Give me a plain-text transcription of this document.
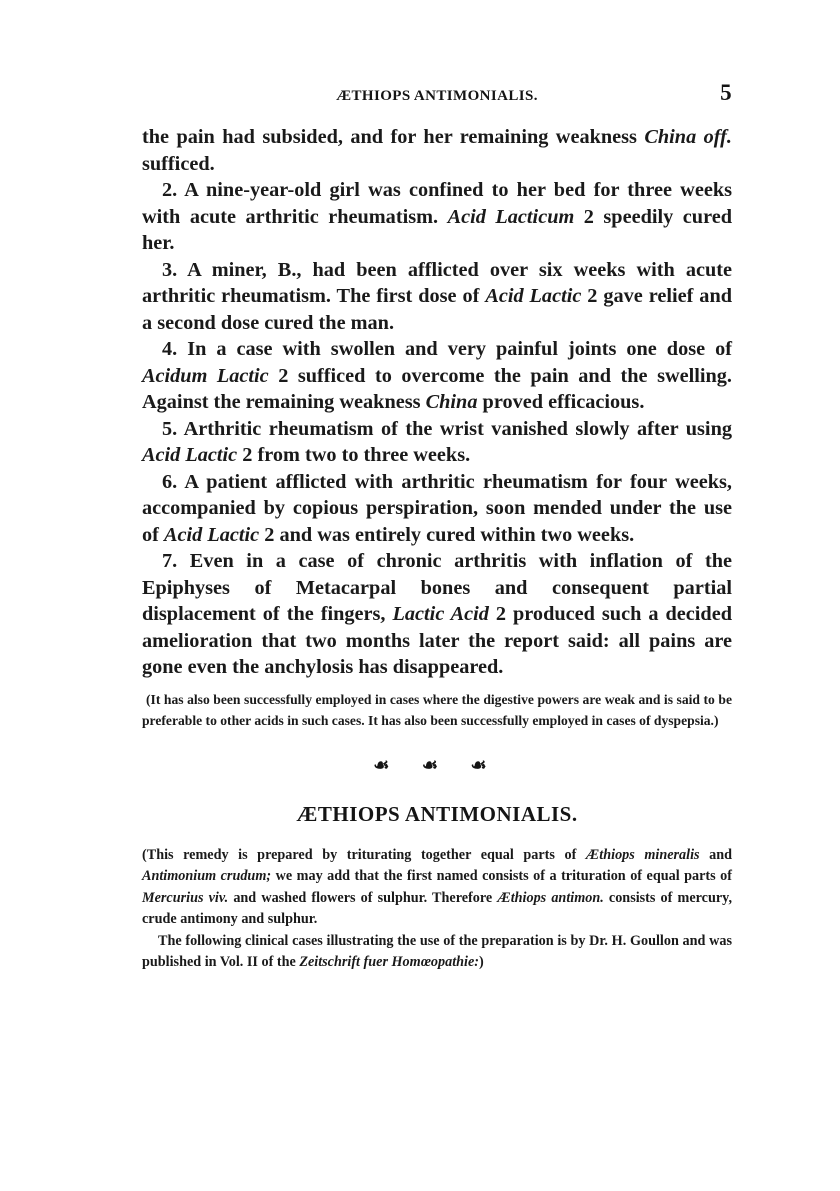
ÆTHIOPS ANTIMONIALIS.	5

the pain had subsided, and for her remaining weakness China off. sufficed.

2. A nine-year-old girl was confined to her bed for three weeks with acute arthritic rheumatism. Acid Lacticum 2 speedily cured her.

3. A miner, B., had been afflicted over six weeks with acute arthritic rheumatism. The first dose of Acid Lactic 2 gave relief and a second dose cured the man.

4. In a case with swollen and very painful joints one dose of Acidum Lactic 2 sufficed to overcome the pain and the swelling. Against the remaining weakness China proved efficacious.

5. Arthritic rheumatism of the wrist vanished slowly after using Acid Lactic 2 from two to three weeks.

6. A patient afflicted with arthritic rheumatism for four weeks, accompanied by copious perspiration, soon mended under the use of Acid Lactic 2 and was entirely cured within two weeks.

7. Even in a case of chronic arthritis with inflation of the Epiphyses of Metacarpal bones and consequent partial displacement of the fingers, Lactic Acid 2 produced such a decided amelioration that two months later the report said: all pains are gone even the anchylosis has disappeared.

(It has also been successfully employed in cases where the digestive powers are weak and is said to be preferable to other acids in such cases. It has also been successfully employed in cases of dyspepsia.)

☙ ☙ ☙
ÆTHIOPS ANTIMONIALIS.

(This remedy is prepared by triturating together equal parts of Æthiops mineralis and Antimonium crudum; we may add that the first named consists of a trituration of equal parts of Mercurius viv. and washed flowers of sulphur. Therefore Æthiops antimon. consists of mercury, crude antimony and sulphur.

The following clinical cases illustrating the use of the preparation is by Dr. H. Goullon and was published in Vol. II of the Zeitschrift fuer Homœopathie:)
